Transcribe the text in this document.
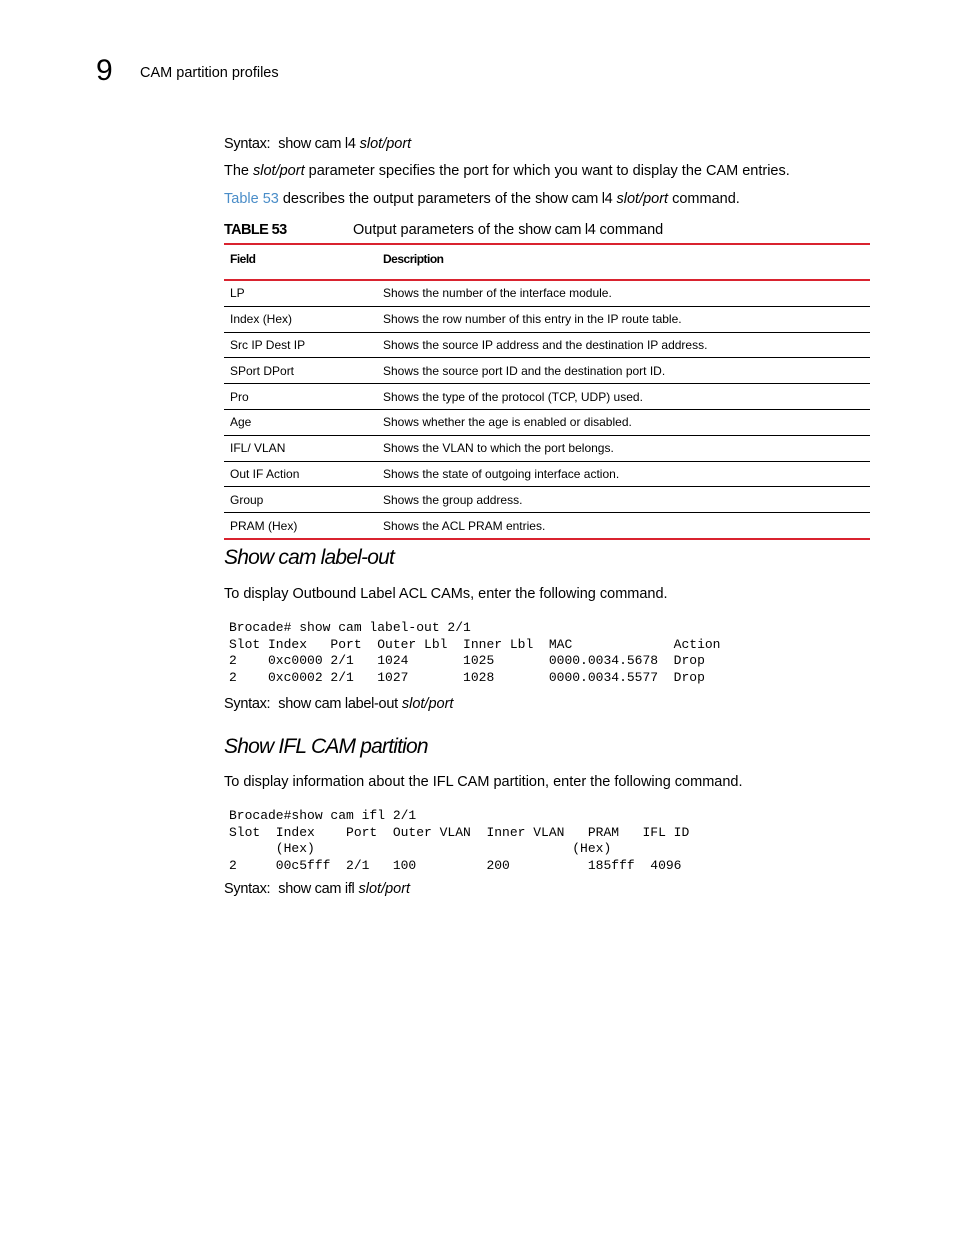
9 CAM partition profiles
Syntax: show cam l4 slot/port
The slot/port parameter specifies the port for which you want to display the CAM entries.
Table 53 describes the output parameters of the show cam l4 slot/port command.
TABLE 53	Output parameters of the show cam l4 command
Field	Description
LP	Shows the number of the interface module.
Index (Hex)	Shows the row number of this entry in the IP route table.
Src IP Dest IP	Shows the source IP address and the destination IP address.
SPort DPort	Shows the source port ID and the destination port ID.
Pro	Shows the type of the protocol (TCP, UDP) used.
Age	Shows whether the age is enabled or disabled.
IFL/ VLAN	Shows the VLAN to which the port belongs.
Out IF Action	Shows the state of outgoing interface action.
Group	Shows the group address.
PRAM (Hex)	Shows the ACL PRAM entries.
Show cam label-out
To display Outbound Label ACL CAMs, enter the following command.
Brocade# show cam label-out 2/1
Slot Index   Port  Outer Lbl  Inner Lbl  MAC             Action
2    0xc0000 2/1   1024       1025       0000.0034.5678  Drop
2    0xc0002 2/1   1027       1028       0000.0034.5577  Drop
Syntax: show cam label-out slot/port
Show IFL CAM partition
To display information about the IFL CAM partition, enter the following command.
Brocade#show cam ifl 2/1
Slot  Index    Port  Outer VLAN  Inner VLAN   PRAM   IFL ID
(Hex)                                 (Hex)
2     00c5fff  2/1   100         200          185fff  4096
Syntax: show cam ifl slot/port
